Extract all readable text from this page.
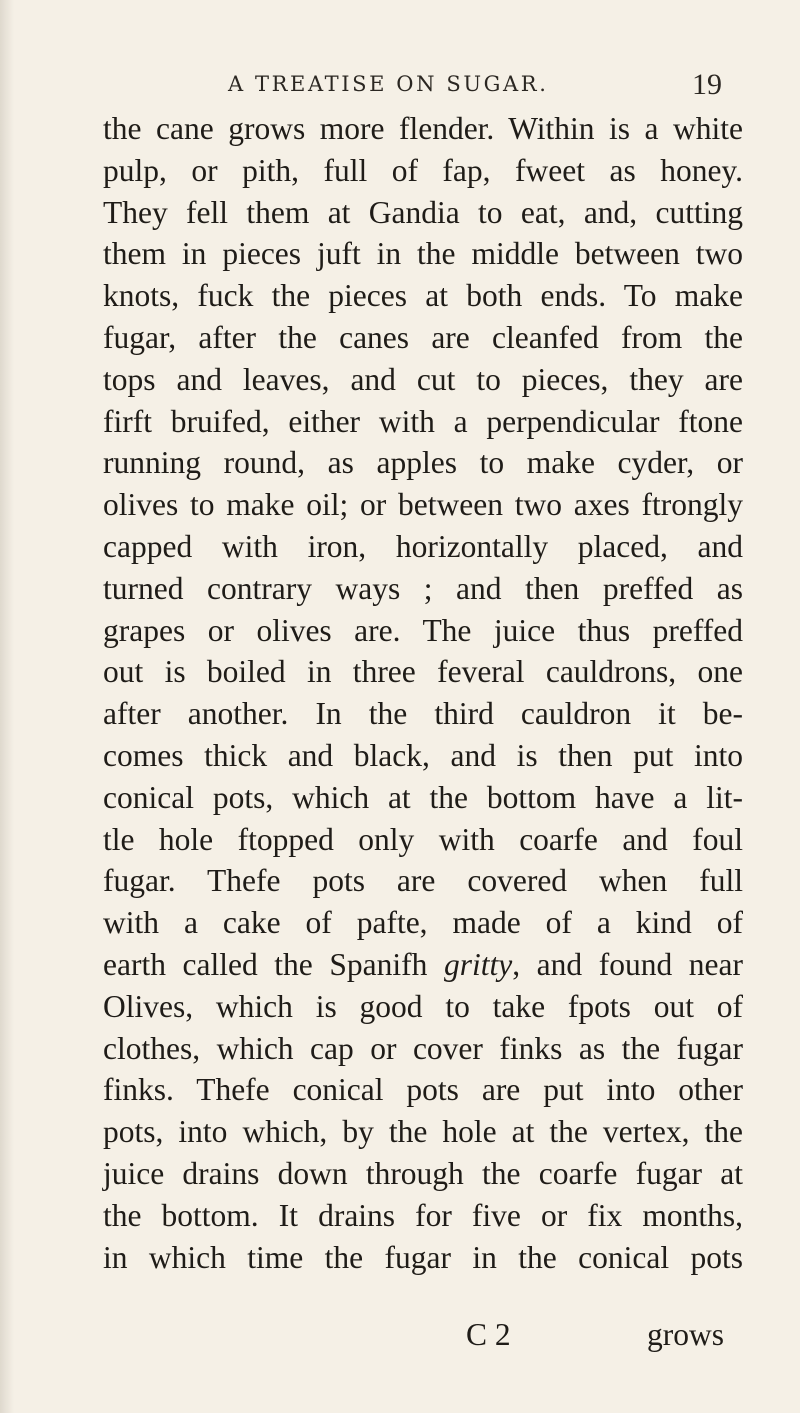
A TREATISE ON SUGAR.	19
the cane grows more flender. Within is a white
pulp, or pith, full of fap, fweet as honey.
They fell them at Gandia to eat, and, cutting
them in pieces juft in the middle between two
knots, fuck the pieces at both ends. To make
fugar, after the canes are cleanfed from the
tops and leaves, and cut to pieces, they are
firft bruifed, either with a perpendicular ftone
running round, as apples to make cyder, or
olives to make oil; or between two axes ftrongly
capped with iron, horizontally placed, and
turned contrary ways ; and then preffed as
grapes or olives are. The juice thus preffed
out is boiled in three feveral cauldrons, one
after another. In the third cauldron it be-
comes thick and black, and is then put into
conical pots, which at the bottom have a lit-
tle hole ftopped only with coarfe and foul
fugar. Thefe pots are covered when full
with a cake of pafte, made of a kind of
earth called the Spanifh gritty, and found near
Olives, which is good to take fpots out of
clothes, which cap or cover finks as the fugar
finks. Thefe conical pots are put into other
pots, into which, by the hole at the vertex, the
juice drains down through the coarfe fugar at
the bottom. It drains for five or fix months,
in which time the fugar in the conical pots
C 2	grows
